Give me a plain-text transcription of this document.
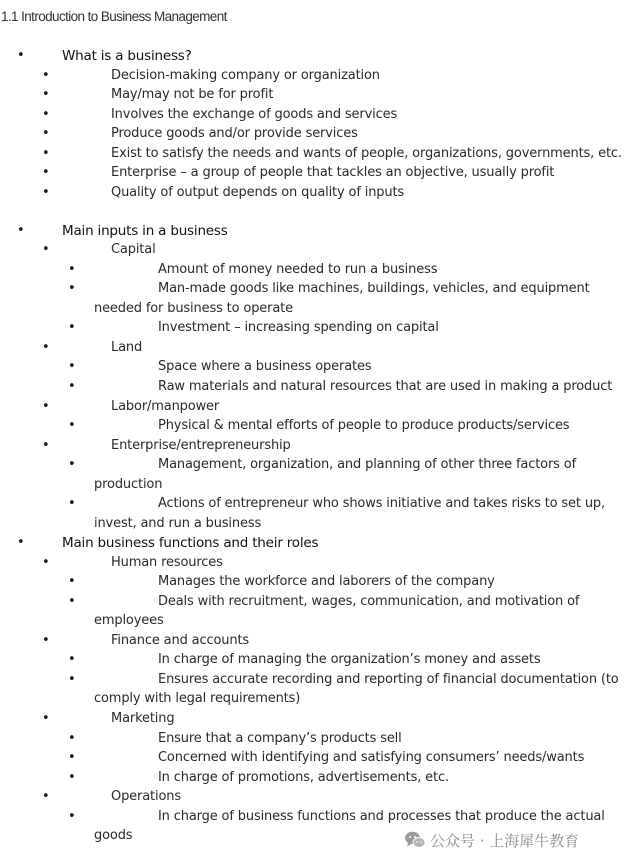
1.1 Introduction to Business Management
•	What is a business?
•	Decision-making company or organization
•	May/may not be for profit
•	Involves the exchange of goods and services
•	Produce goods and/or provide services
•	Exist to satisfy the needs and wants of people, organizations, governments, etc.
•	Enterprise – a group of people that tackles an objective, usually profit
•	Quality of output depends on quality of inputs
•	Main inputs in a business
•	Capital
•	Amount of money needed to run a business
•	Man-made goods like machines, buildings, vehicles, and equipment
needed for business to operate
•	Investment – increasing spending on capital
•	Land
•	Space where a business operates
•	Raw materials and natural resources that are used in making a product
•	Labor/manpower
•	Physical & mental efforts of people to produce products/services
•	Enterprise/entrepreneurship
•	Management, organization, and planning of other three factors of
production
•	Actions of entrepreneur who shows initiative and takes risks to set up,
invest, and run a business
•	Main business functions and their roles
•	Human resources
•	Manages the workforce and laborers of the company
•	Deals with recruitment, wages, communication, and motivation of
employees
•	Finance and accounts
•	In charge of managing the organization’s money and assets
•	Ensures accurate recording and reporting of financial documentation (to
comply with legal requirements)
•	Marketing
•	Ensure that a company’s products sell
•	Concerned with identifying and satisfying consumers’ needs/wants
•	In charge of promotions, advertisements, etc.
•	Operations
•	In charge of business functions and processes that produce the actual
goods	公众号 · 上海犀牛教育
